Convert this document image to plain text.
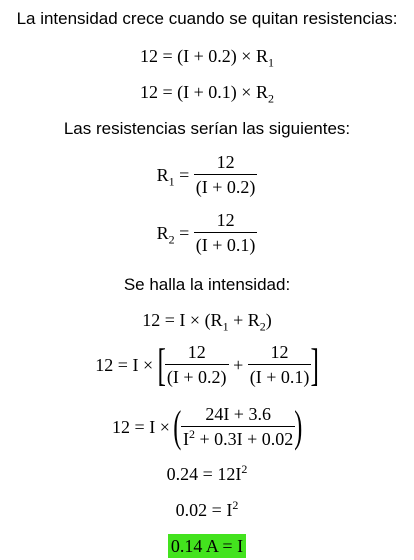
La intensidad crece cuando se quitan resistencias:
$12 = (I + 0.2) \times R_1$
$12 = (I + 0.1) \times R_2$
Las resistencias serían las siguientes:
$R_1 = \frac{12}{(I + 0.2)}$
$R_2 = \frac{12}{(I + 0.1)}$
Se halla la intensidad:
$12 = I \times (R_1 + R_2)$
12 = I × [ $\frac{12}{(I + 0.2)} + \frac{12}{(I + 0.1)}$ ]
12 = I × ( $\frac{24I + 3.6}{I^2 + 0.3I + 0.02}$ )
$0.24 = 12I^2$
$0.02 = I^2$
0.14 A = I
